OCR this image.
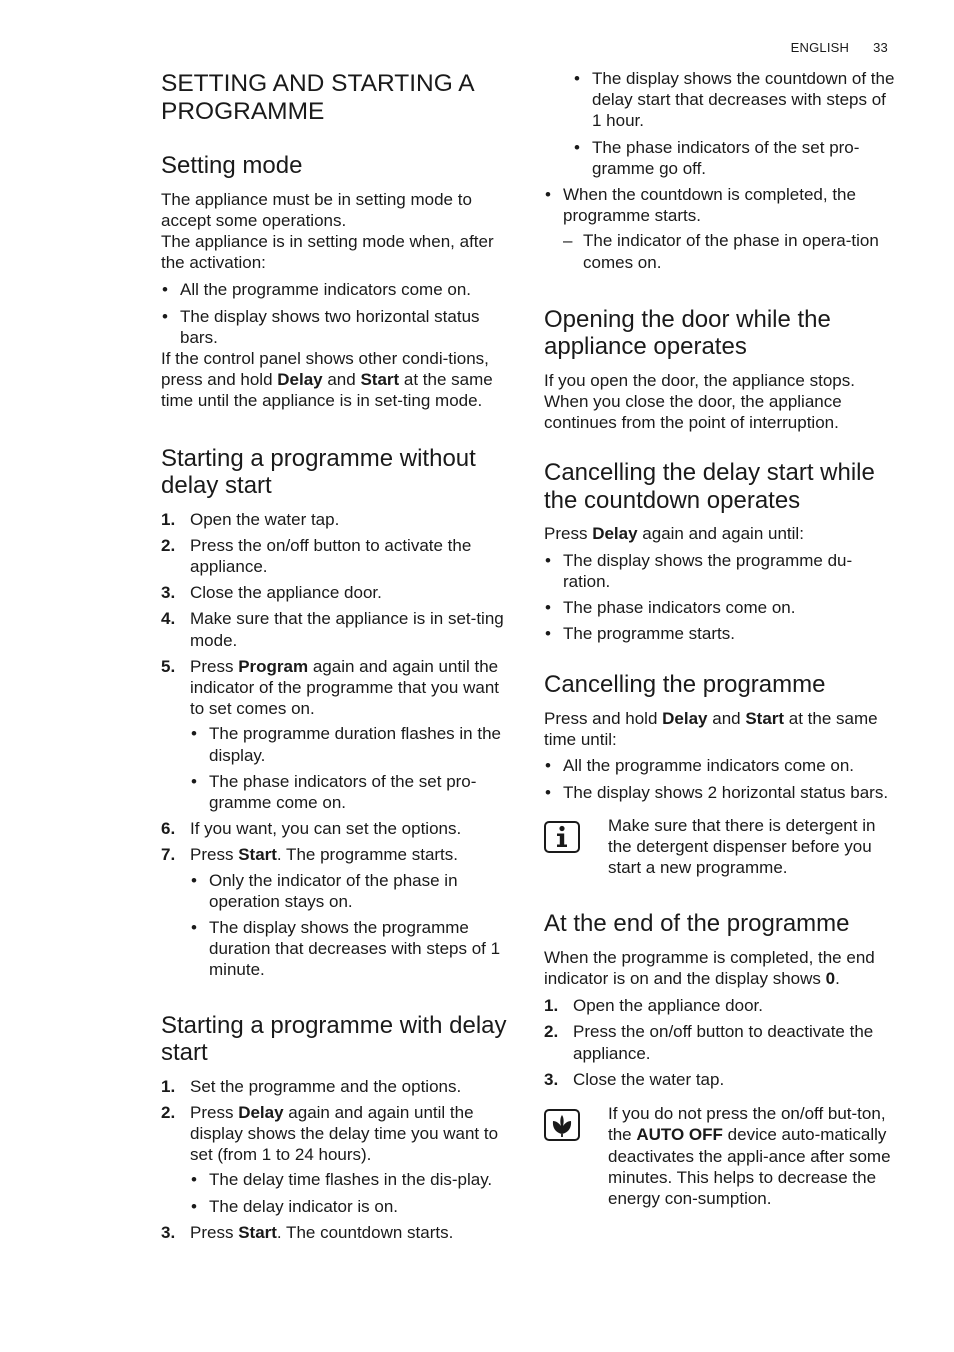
ENGLISH 33
SETTING AND STARTING A PROGRAMME
Setting mode

The appliance must be in setting mode to accept some operations.

The appliance is in setting mode when, after the activation:

• All the programme indicators come on.
• The display shows two horizontal status bars.

If the control panel shows other condi-tions, press and hold Delay and Start at the same time until the appliance is in set-ting mode.

Starting a programme without delay start
1. Open the water tap.
2. Press the on/off button to activate the appliance.
3. Close the appliance door.
4. Make sure that the appliance is in set-ting mode.
5. Press Program again and again until the indicator of the programme that you want to set comes on.
• The programme duration flashes in the display.
• The phase indicators of the set pro-gramme come on.
6. If you want, you can set the options.
7. Press Start. The programme starts.
• Only the indicator of the phase in operation stays on.
• The display shows the programme duration that decreases with steps of 1 minute.
Starting a programme with delay start
1. Set the programme and the options.
2. Press Delay again and again until the display shows the delay time you want to set (from 1 to 24 hours).
• The delay time flashes in the dis-play.
• The delay indicator is on.
3. Press Start. The countdown starts.
• The display shows the countdown of the delay start that decreases with steps of 1 hour.
• The phase indicators of the set pro-gramme go off.
• When the countdown is completed, the programme starts.
– The indicator of the phase in opera-tion comes on.
Opening the door while the appliance operates

If you open the door, the appliance stops. When you close the door, the appliance continues from the point of interruption.

Cancelling the delay start while the countdown operates

Press Delay again and again until:

• The display shows the programme du-ration.
• The phase indicators come on.
• The programme starts.
Cancelling the programme

Press and hold Delay and Start at the same time until:

• All the programme indicators come on.
• The display shows 2 horizontal status bars.

Make sure that there is detergent in the detergent dispenser before you start a new programme.

At the end of the programme

When the programme is completed, the end indicator is on and the display shows 0.

1. Open the appliance door.
2. Press the on/off button to deactivate the appliance.
3. Close the water tap.

If you do not press the on/off but-ton, the AUTO OFF device auto-matically deactivates the appli-ance after some minutes. This helps to decrease the energy con-sumption.
